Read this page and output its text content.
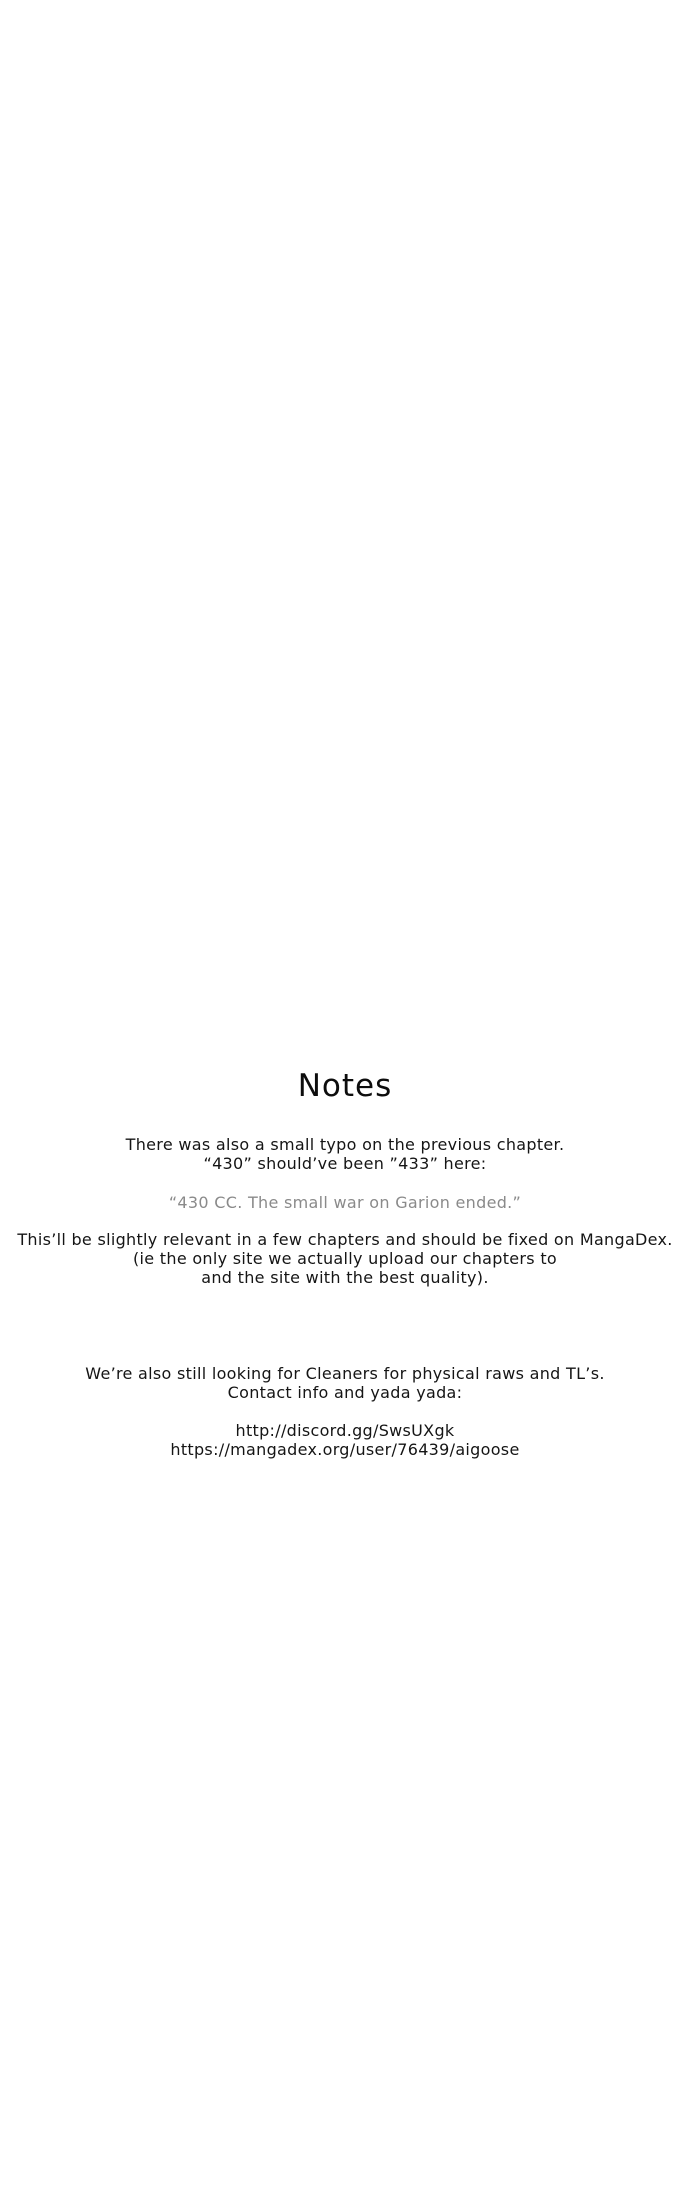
Notes
There was also a small typo on the previous chapter.
“430” should’ve been ”433” here:
“430 CC. The small war on Garion ended.”
This’ll be slightly relevant in a few chapters and should be fixed on MangaDex.
(ie the only site we actually upload our chapters to
and the site with the best quality).
We’re also still looking for Cleaners for physical raws and TL’s.
Contact info and yada yada:
http://discord.gg/SwsUXgk
https://mangadex.org/user/76439/aigoose
